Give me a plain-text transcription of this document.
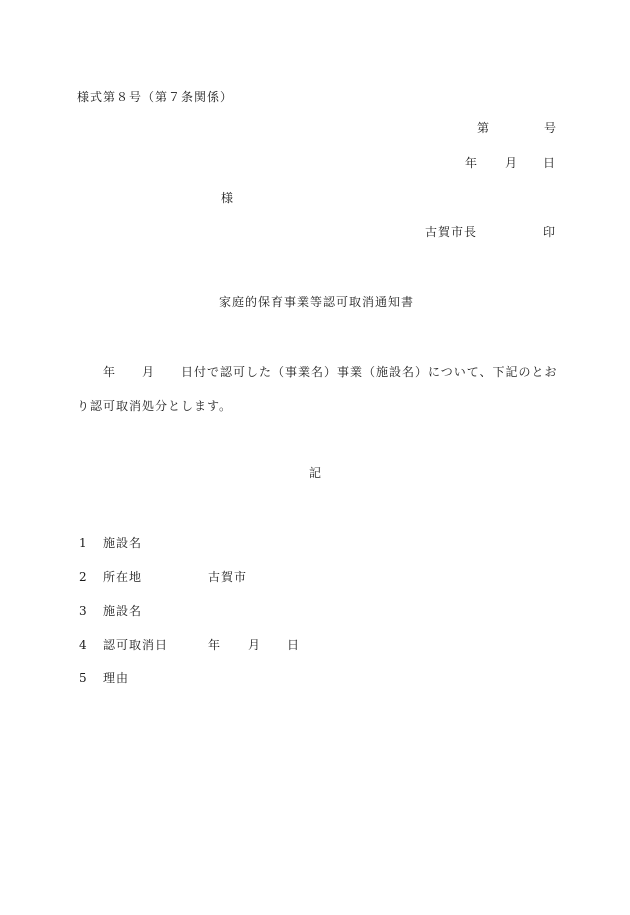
様式第８号（第７条関係）
第	号
年 月 日
様
古賀市長	印
家庭的保育事業等認可取消通知書
年 月 日付で認可した（事業名）事業（施設名）について、下記のとお
り認可取消処分とします。
記
1 施設名
2 所在地	古賀市
3 施設名
4 認可取消日	年 月 日
5 理由
